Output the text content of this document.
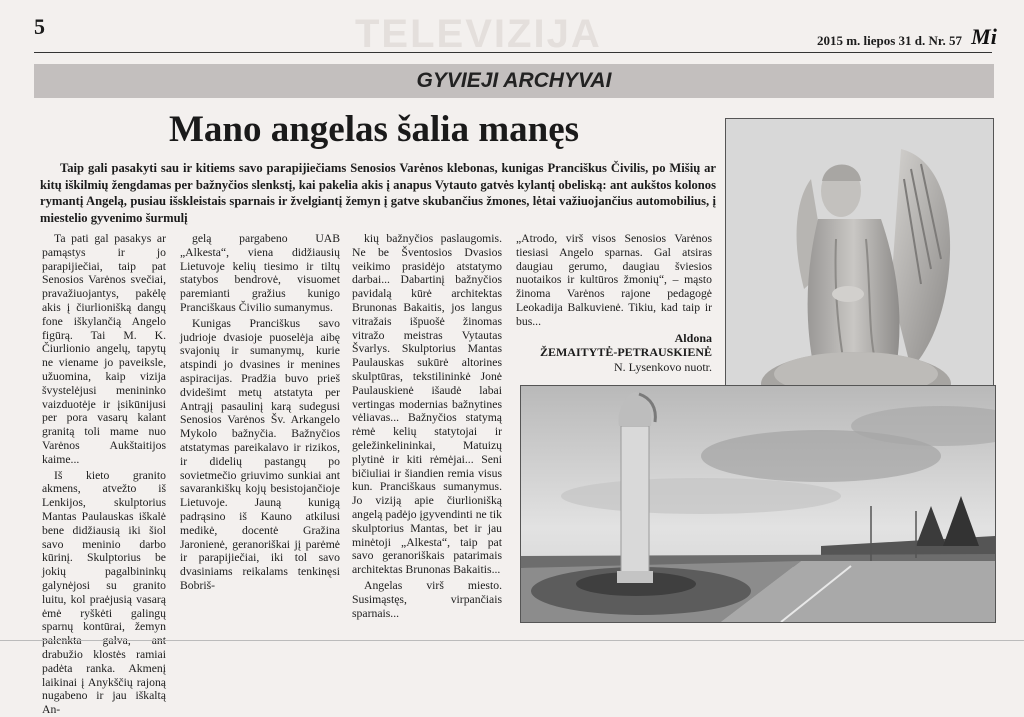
TELEVIZIJA
5
2015 m. liepos 31 d. Nr. 57 Mi
GYVIEJI ARCHYVAI
Mano angelas šalia manęs
Taip gali pasakyti sau ir kitiems savo parapijiečiams Senosios Varėnos klebonas, kunigas Pranciškus Čivilis, po Mišių ar kitų iškilmių žengdamas per bažnyčios slenkstį, kai pakelia akis į anapus Vytauto gatvės kylantį obeliską: ant aukštos kolonos rymantį Angelą, pusiau išskleistais sparnais ir žvelgiantį žemyn į gatve skubančius žmones, lėtai važiuojančius automobilius, į miestelio gyvenimo šurmulį

Ta pati gal pasakys ar pamąstys ir jo parapijiečiai, taip pat Senosios Varėnos svečiai, pravažiuojantys, pakėlę akis į čiurlionišką dangų fone iškylančią Angelo figūrą. Tai M. K. Čiurlionio angelų, tapytų ne viename jo paveiksle, užuomina, kaip vizija švystelėjusi menininko vaizduotėje ir įsikūnijusi per pora vasarų kalant granitą toli mame nuo Varėnos Aukštaitijos kaime...

Iš kieto granito akmens, atvežto iš Lenkijos, skulptorius Mantas Paulauskas iškalė bene didžiausią iki šiol savo meninio darbo kūrinį. Skulptorius be jokių pagalbininkų galynėjosi su granito luitu, kol praėjusią vasarą ėmė ryškėti galingų sparnų kontūrai, žemyn palenkta galva, ant drabužio klostės ramiai padėta ranka. Akmenį laikinai į Anykščių rajoną nugabeno ir jau iškaltą An-

gelą pargabeno UAB „Alkesta“, viena didžiausių Lietuvoje kelių tiesimo ir tiltų statybos bendrovė, visuomet paremianti gražius kunigo Pranciškaus Čivilio sumanymus.

Kunigas Pranciškus savo judrioje dvasioje puoselėja aibę svajonių ir sumanymų, kurie atspindi jo dvasines ir menines aspiracijas. Pradžia buvo prieš dvidešimt metų atstatyta per Antrąjį pasaulinį karą sudegusi Senosios Varėnos Šv. Arkangelo Mykolo bažnyčia. Bažnyčios atstatymas pareikalavo ir rizikos, ir didelių pastangų po sovietmečio griuvimo sunkiai ant savarankiškų kojų besistojančioje Lietuvoje. Jauną kunigą padrąsino iš Kauno atkilusi medikė, docentė Gražina Jaronienė, geranoriškai jį parėmė ir parapijiečiai, iki tol savo dvasiniams reikalams tenkinęsi Bobriš-

kių bažnyčios paslaugomis. Ne be Šventosios Dvasios veikimo prasidėjo atstatymo darbai... Dabartinį bažnyčios pavidalą kūrė architektas Brunonas Bakaitis, jos langus vitražais išpuošė žinomas vitražo meistras Vytautas Švarlys. Skulptorius Mantas Paulauskas sukūrė altorines skulptūras, tekstilininkė Jonė Paulauskienė išaudė labai vertingas modernias bažnytines vėliavas... Bažnyčios statymą rėmė kelių statytojai ir geležinkelininkai, Matuizų plytinė ir kiti rėmėjai... Seni bičiuliai ir šiandien remia visus kun. Pranciškaus sumanymus. Jo viziją apie čiurlionišką angelą padėjo įgyvendinti ne tik skulptorius Mantas, bet ir jau minėtoji „Alkesta“, taip pat savo geranoriškais patarimais architektas Brunonas Bakaitis...

Angelas virš miesto. Susimąstęs, virpančiais sparnais...

„Atrodo, virš visos Senosios Varėnos tiesiasi Angelo sparnas. Gal atsiras daugiau gerumo, daugiau šviesios nuotaikos ir kultūros žmonių“, – mąsto žinoma Varėnos rajone pedagogė Leokadija Balkuvienė. Tikiu, kad taip ir bus...

Aldona
ŽEMAITYTĖ-PETRAUSKIENĖ
N. Lysenkovo nuotr.
